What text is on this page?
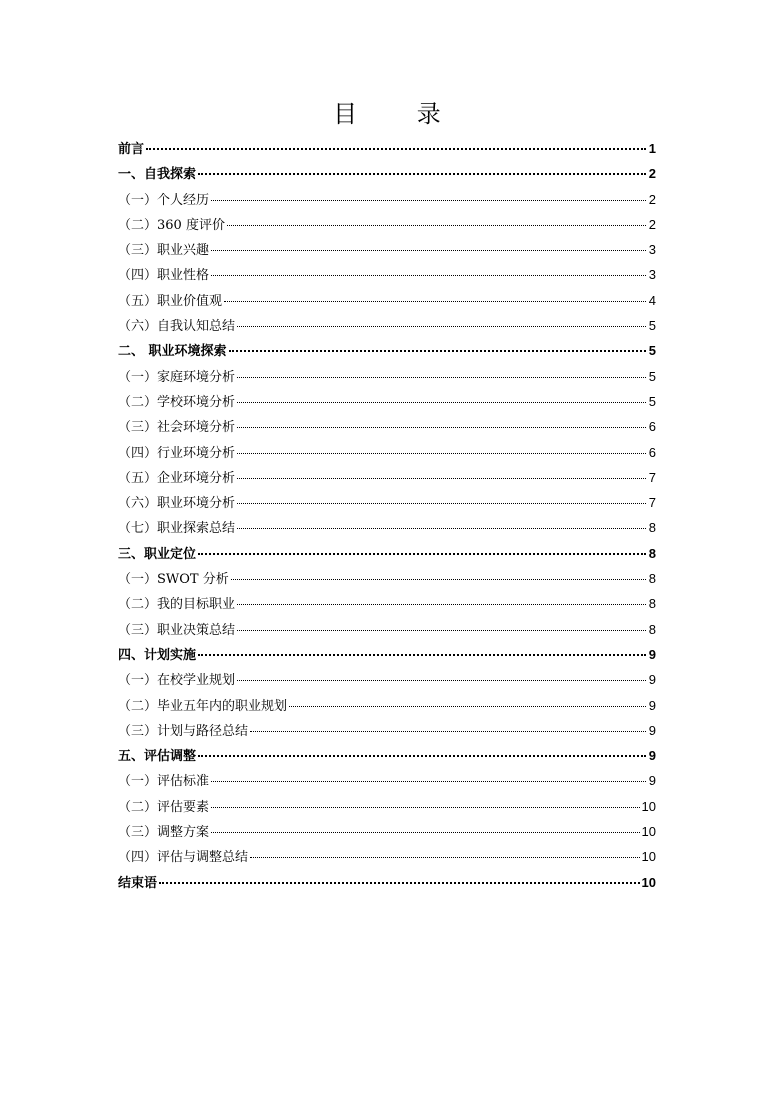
目 录
前言	1
一、自我探索	2
（一）个人经历	2
（二）360 度评价	2
（三）职业兴趣	3
（四）职业性格	3
（五）职业价值观	4
（六）自我认知总结	5
二、 职业环境探索	5
（一）家庭环境分析	5
（二）学校环境分析	5
（三）社会环境分析	6
（四）行业环境分析	6
（五）企业环境分析	7
（六）职业环境分析	7
（七）职业探索总结	8
三、职业定位	8
（一）SWOT 分析	8
（二）我的目标职业	8
（三）职业决策总结	8
四、计划实施	9
（一）在校学业规划	9
（二）毕业五年内的职业规划	9
（三）计划与路径总结	9
五、评估调整	9
（一）评估标准	9
（二）评估要素	10
（三）调整方案	10
（四）评估与调整总结	10
结束语	10
